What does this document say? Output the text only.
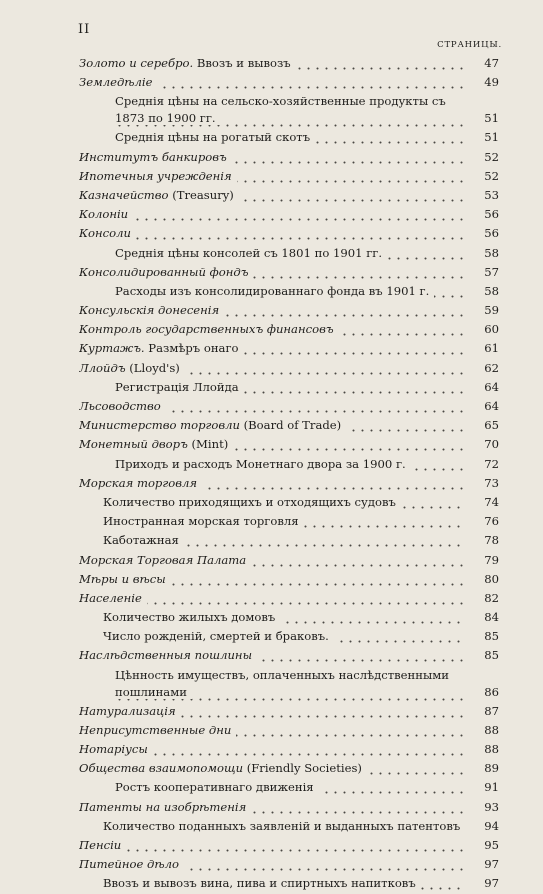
II
СТРАНИЦЫ.
Золото и серебро. Ввозъ и вывозъ	47
Земледѣліе	49
Среднія цѣны на сельско-хозяйственные продукты съ 1873 по 1900 гг.	51
Среднія цѣны на рогатый скотъ	51
Институтъ банкировъ	52
Ипотечныя учрежденія	52
Казначейство (Treasury)	53
Колоніи	56
Консоли	56
Среднія цѣны консолей съ 1801 по 1901 гг.	58
Консолидированный фондъ	57
Расходы изъ консолидированнаго фонда въ 1901 г.	58
Консульскія донесенія	59
Контроль государственныхъ финансовъ	60
Куртажъ. Размѣръ онаго	61
Ллойдъ (Lloyd's)	62
Регистрація Ллойда	64
Льсоводство	64
Министерство торговли (Board of Trade)	65
Монетный дворъ (Mint)	70
Приходъ и расходъ Монетнаго двора за 1900 г.	72
Морская торговля	73
Количество приходящихъ и отходящихъ судовъ	74
Иностранная морская торговля	76
Каботажная	78
Морская Торговая Палата	79
Мѣры и вѣсы	80
Населеніе	82
Количество жилыхъ домовъ	84
Число рожденій, смертей и браковъ.	85
Наслѣдственныя пошлины	85
Цѣнность имуществъ, оплаченныхъ наслѣдственными пошлинами	86
Натурализація	87
Неприсутственные дни	88
Нотаріусы	88
Общества взаимопомощи (Friendly Societies)	89
Ростъ кооперативнаго движенія	91
Патенты на изобрѣтенія	93
Количество поданныхъ заявленій и выданныхъ патентовъ	94
Пенсіи	95
Питейное дѣло	97
Ввозъ и вывозъ вина, пива и спиртныхъ напитковъ	97
